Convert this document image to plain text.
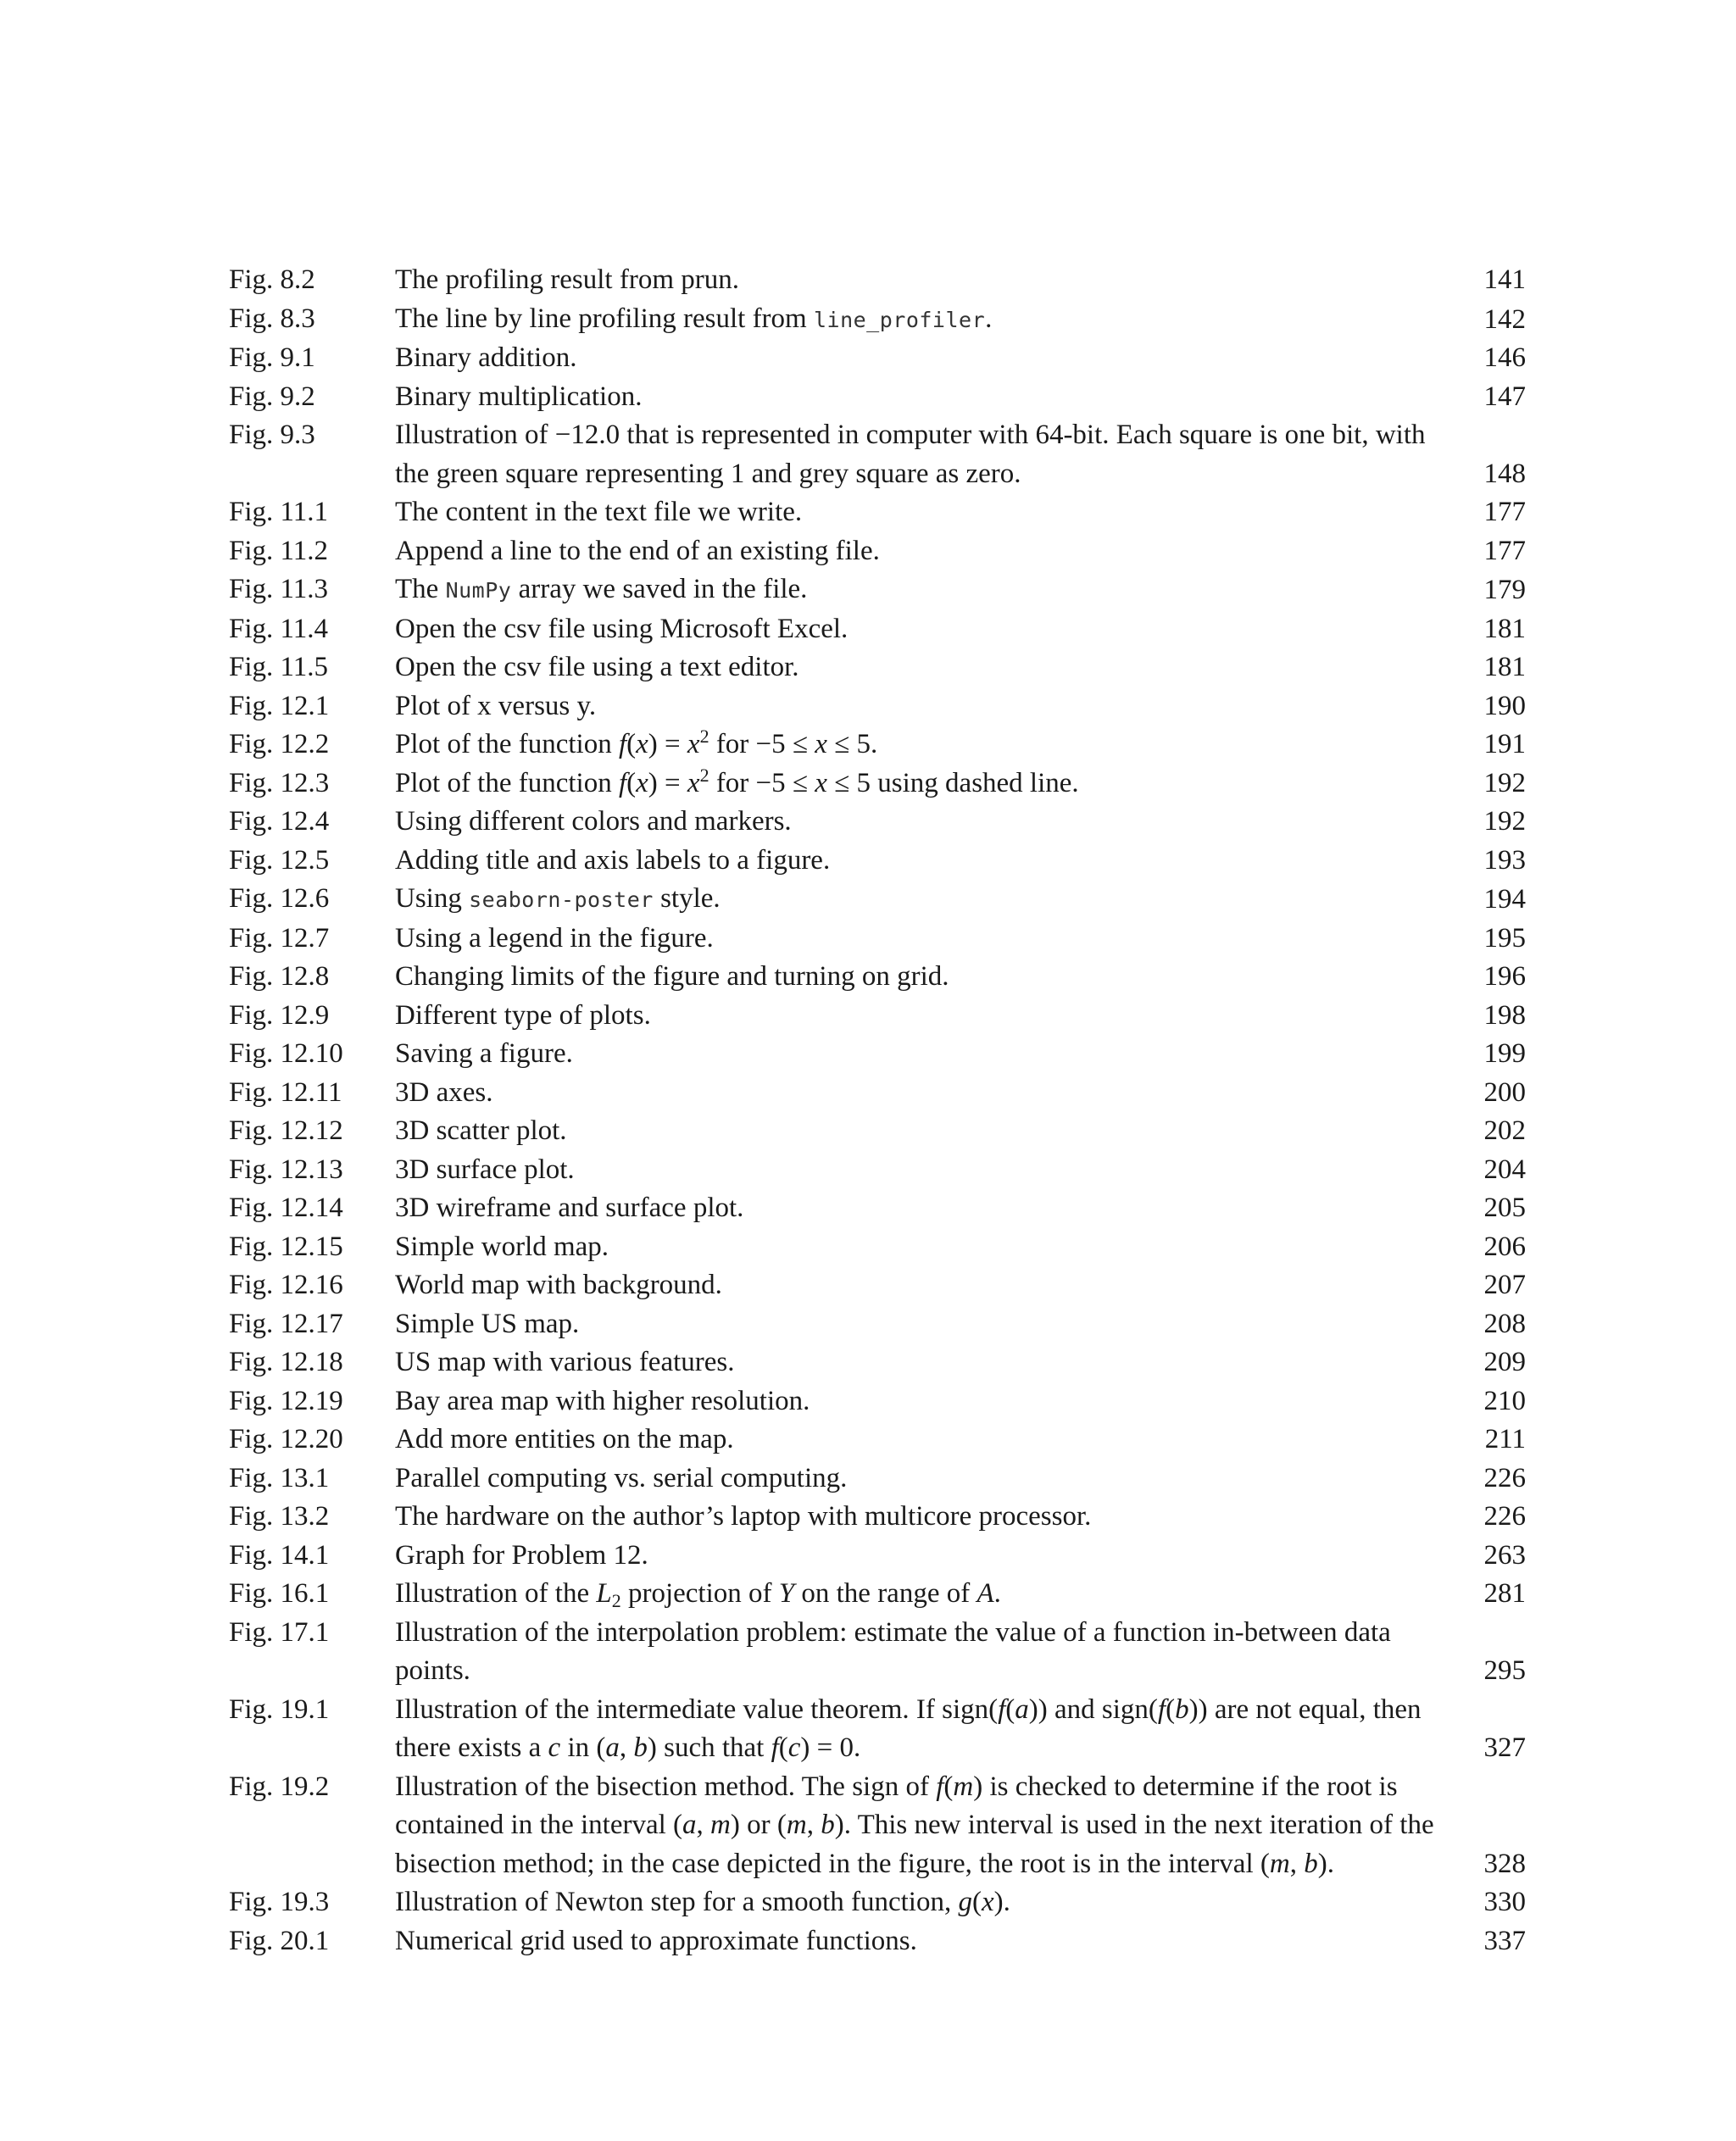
Fig. 8.2	The profiling result from prun.	141
Fig. 8.3	The line by line profiling result from line_profiler.	142
Fig. 9.1	Binary addition.	146
Fig. 9.2	Binary multiplication.	147
Fig. 9.3	Illustration of −12.0 that is represented in computer with 64-bit. Each square is one bit, with the green square representing 1 and grey square as zero.	148
Fig. 11.1	The content in the text file we write.	177
Fig. 11.2	Append a line to the end of an existing file.	177
Fig. 11.3	The NumPy array we saved in the file.	179
Fig. 11.4	Open the csv file using Microsoft Excel.	181
Fig. 11.5	Open the csv file using a text editor.	181
Fig. 12.1	Plot of x versus y.	190
Fig. 12.2	Plot of the function $f(x) = x^2$ for −5 ≤ x ≤ 5.	191
Fig. 12.3	Plot of the function $f(x) = x^2$ for −5 ≤ x ≤ 5 using dashed line.	192
Fig. 12.4	Using different colors and markers.	192
Fig. 12.5	Adding title and axis labels to a figure.	193
Fig. 12.6	Using seaborn-poster style.	194
Fig. 12.7	Using a legend in the figure.	195
Fig. 12.8	Changing limits of the figure and turning on grid.	196
Fig. 12.9	Different type of plots.	198
Fig. 12.10	Saving a figure.	199
Fig. 12.11	3D axes.	200
Fig. 12.12	3D scatter plot.	202
Fig. 12.13	3D surface plot.	204
Fig. 12.14	3D wireframe and surface plot.	205
Fig. 12.15	Simple world map.	206
Fig. 12.16	World map with background.	207
Fig. 12.17	Simple US map.	208
Fig. 12.18	US map with various features.	209
Fig. 12.19	Bay area map with higher resolution.	210
Fig. 12.20	Add more entities on the map.	211
Fig. 13.1	Parallel computing vs. serial computing.	226
Fig. 13.2	The hardware on the author’s laptop with multicore processor.	226
Fig. 14.1	Graph for Problem 12.	263
Fig. 16.1	Illustration of the $L_2$ projection of Y on the range of A.	281
Fig. 17.1	Illustration of the interpolation problem: estimate the value of a function in-between data points.	295
Fig. 19.1	Illustration of the intermediate value theorem. If sign(f(a)) and sign(f(b)) are not equal, then there exists a c in (a, b) such that f(c) = 0.	327
Fig. 19.2	Illustration of the bisection method. The sign of f(m) is checked to determine if the root is contained in the interval (a, m) or (m, b). This new interval is used in the next iteration of the bisection method; in the case depicted in the figure, the root is in the interval (m, b).	328
Fig. 19.3	Illustration of Newton step for a smooth function, g(x).	330
Fig. 20.1	Numerical grid used to approximate functions.	337
